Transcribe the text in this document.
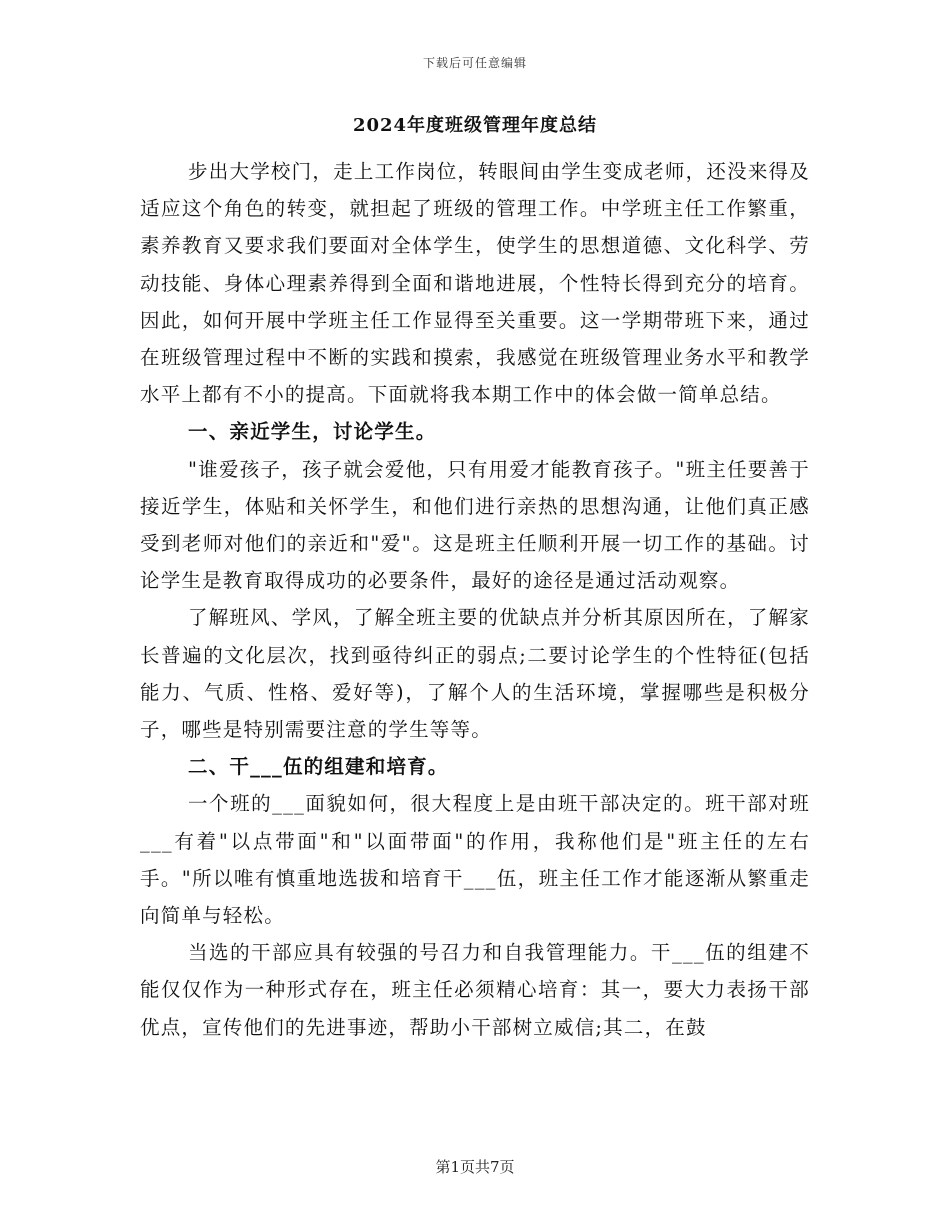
下载后可任意编辑
2024年度班级管理年度总结

步出大学校门，走上工作岗位，转眼间由学生变成老师，还没来得及适应这个角色的转变，就担起了班级的管理工作。中学班主任工作繁重，素养教育又要求我们要面对全体学生，使学生的思想道德、文化科学、劳动技能、身体心理素养得到全面和谐地进展，个性特长得到充分的培育。因此，如何开展中学班主任工作显得至关重要。这一学期带班下来，通过在班级管理过程中不断的实践和摸索，我感觉在班级管理业务水平和教学水平上都有不小的提高。下面就将我本期工作中的体会做一简单总结。

一、亲近学生，讨论学生。

"谁爱孩子，孩子就会爱他，只有用爱才能教育孩子。"班主任要善于接近学生，体贴和关怀学生，和他们进行亲热的思想沟通，让他们真正感受到老师对他们的亲近和"爱"。这是班主任顺利开展一切工作的基础。讨论学生是教育取得成功的必要条件，最好的途径是通过活动观察。

了解班风、学风，了解全班主要的优缺点并分析其原因所在，了解家长普遍的文化层次，找到亟待纠正的弱点;二要讨论学生的个性特征(包括能力、气质、性格、爱好等)，了解个人的生活环境，掌握哪些是积极分子，哪些是特别需要注意的学生等等。

二、干___伍的组建和培育。

一个班的___面貌如何，很大程度上是由班干部决定的。班干部对班___有着"以点带面"和"以面带面"的作用，我称他们是"班主任的左右手。"所以唯有慎重地选拔和培育干___伍，班主任工作才能逐渐从繁重走向简单与轻松。

当选的干部应具有较强的号召力和自我管理能力。干___伍的组建不能仅仅作为一种形式存在，班主任必须精心培育：其一，要大力表扬干部优点，宣传他们的先进事迹，帮助小干部树立威信;其二，在鼓

第1页共7页
